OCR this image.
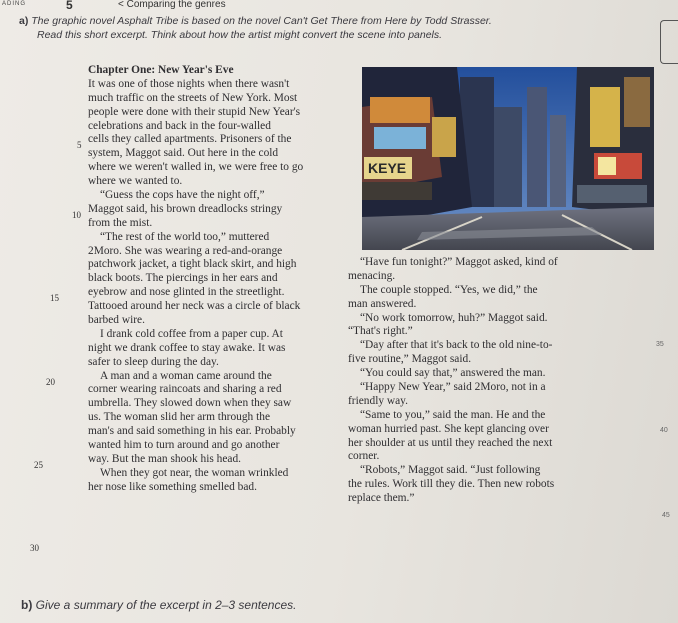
ADING	5	< Comparing the genres
a) The graphic novel Asphalt Tribe is based on the novel Can't Get There from Here by Todd Strasser.
Read this short excerpt. Think about how the artist might convert the scene into panels.
Chapter One: New Year's Eve
It was one of those nights when there wasn't
much traffic on the streets of New York. Most
people were done with their stupid New Year's
celebrations and back in the four-walled
cells they called apartments. Prisoners of the
system, Maggot said. Out here in the cold
where we weren't walled in, we were free to go
where we wanted to.
“Guess the cops have the night off,”
Maggot said, his brown dreadlocks stringy
from the mist.
“The rest of the world too,” muttered
2Moro. She was wearing a red-and-orange
patchwork jacket, a tight black skirt, and high
black boots. The piercings in her ears and
eyebrow and nose glinted in the streetlight.
Tattooed around her neck was a circle of black
barbed wire.
I drank cold coffee from a paper cup. At
night we drank coffee to stay awake. It was
safer to sleep during the day.
A man and a woman came around the
corner wearing raincoats and sharing a red
umbrella. They slowed down when they saw
us. The woman slid her arm through the
man's and said something in his ear. Probably
wanted him to turn around and go another
way. But the man shook his head.
When they got near, the woman wrinkled
her nose like something smelled bad.
“Have fun tonight?” Maggot asked, kind of
menacing.
The couple stopped. “Yes, we did,” the
man answered.
“No work tomorrow, huh?” Maggot said.
“That's right.”
“Day after that it's back to the old nine-to-
five routine,” Maggot said.
“You could say that,” answered the man.
“Happy New Year,” said 2Moro, not in a
friendly way.
“Same to you,” said the man. He and the
woman hurried past. She kept glancing over
her shoulder at us until they reached the next
corner.
“Robots,” Maggot said. “Just following
the rules. Work till they die. Then new robots
replace them.”
5
10
15
20
25
30
35
40
45
KEYE
b) Give a summary of the excerpt in 2–3 sentences.
